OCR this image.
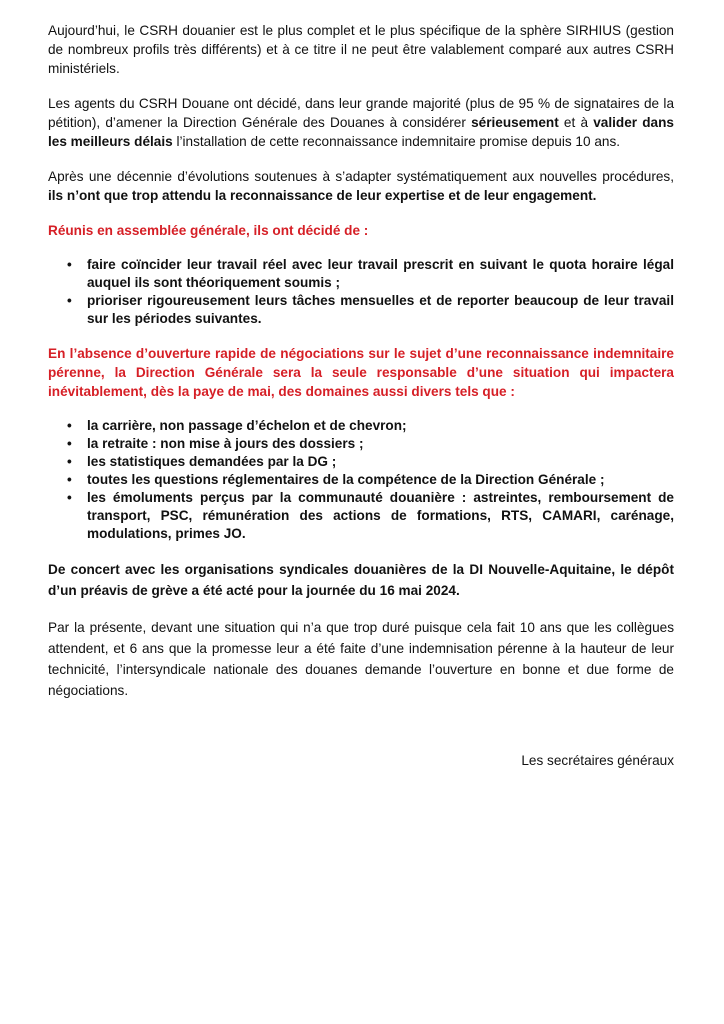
Aujourd’hui, le CSRH douanier est le plus complet et le plus spécifique de la sphère SIRHIUS (gestion de nombreux profils très différents) et à ce titre il ne peut être valablement comparé aux autres CSRH ministériels.

Les agents du CSRH Douane ont décidé, dans leur grande majorité (plus de 95 % de signataires de la pétition), d’amener la Direction Générale des Douanes à considérer sérieusement et à valider dans les meilleurs délais l’installation de cette reconnaissance indemnitaire promise depuis 10 ans.

Après une décennie d’évolutions soutenues à s’adapter systématiquement aux nouvelles procédures, ils n’ont que trop attendu la reconnaissance de leur expertise et de leur engagement.

Réunis en assemblée générale, ils ont décidé de :

• faire coïncider leur travail réel avec leur travail prescrit en suivant le quota horaire légal auquel ils sont théoriquement soumis ;
• prioriser rigoureusement leurs tâches mensuelles et de reporter beaucoup de leur travail sur les périodes suivantes.

En l’absence d’ouverture rapide de négociations sur le sujet d’une reconnaissance indemnitaire pérenne, la Direction Générale sera la seule responsable d’une situation qui impactera inévitablement, dès la paye de mai, des domaines aussi divers tels que :

• la carrière, non passage d’échelon et de chevron;
• la retraite : non mise à jours des dossiers ;
• les statistiques demandées par la DG ;
• toutes les questions réglementaires de la compétence de la Direction Générale ;
• les émoluments perçus par la communauté douanière : astreintes, remboursement de transport, PSC, rémunération des actions de formations, RTS, CAMARI, carénage, modulations, primes JO.

De concert avec les organisations syndicales douanières de la DI Nouvelle-Aquitaine, le dépôt d’un préavis de grève a été acté pour la journée du 16 mai 2024.

Par la présente, devant une situation qui n’a que trop duré puisque cela fait 10 ans que les collègues attendent, et 6 ans que la promesse leur a été faite d’une indemnisation pérenne à la hauteur de leur technicité, l’intersyndicale nationale des douanes demande l’ouverture en bonne et due forme de négociations.

Les secrétaires généraux
